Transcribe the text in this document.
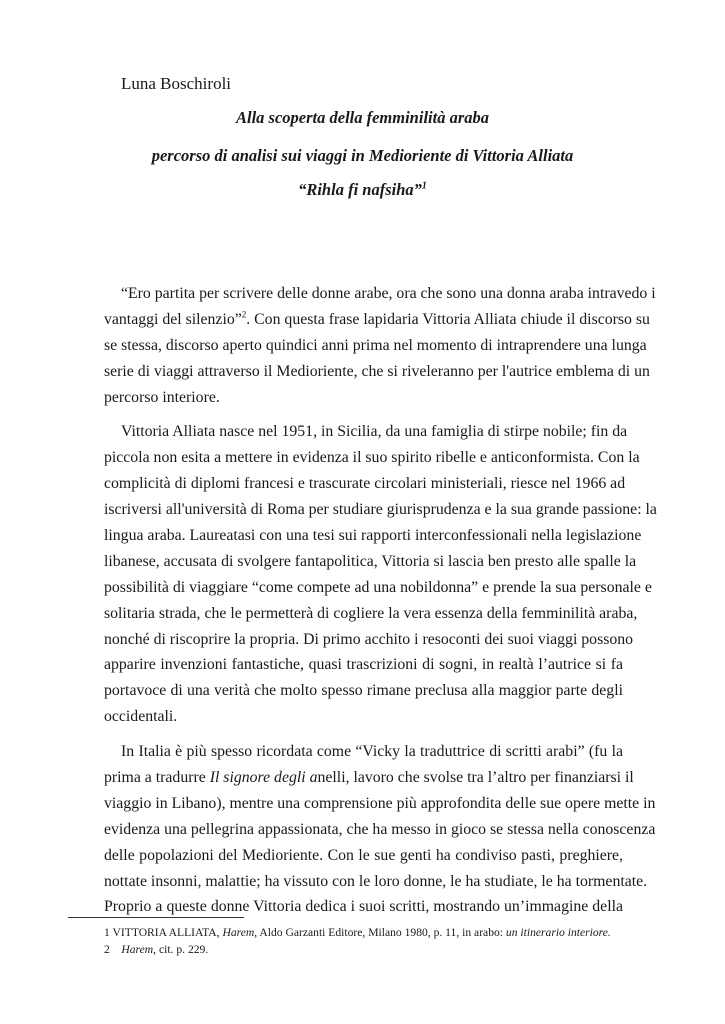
Luna Boschiroli
Alla scoperta della femminilità araba
percorso di analisi sui viaggi in Medioriente di Vittoria Alliata
“Rihla fi nafsiha”$^1$

“Ero partita per scrivere delle donne arabe, ora che sono una donna araba intravedo i
vantaggi del silenzio”$^2$. Con questa frase lapidaria Vittoria Alliata chiude il discorso su
se stessa, discorso aperto quindici anni prima nel momento di intraprendere una lunga
serie di viaggi attraverso il Medioriente, che si riveleranno per l'autrice emblema di un
percorso interiore.

Vittoria Alliata nasce nel 1951, in Sicilia, da una famiglia di stirpe nobile; fin da
piccola non esita a mettere in evidenza il suo spirito ribelle e anticonformista. Con la
complicità di diplomi francesi e trascurate circolari ministeriali, riesce nel 1966 ad
iscriversi all'università di Roma per studiare giurisprudenza e la sua grande passione: la
lingua araba. Laureatasi con una tesi sui rapporti interconfessionali nella legislazione
libanese, accusata di svolgere fantapolitica, Vittoria si lascia ben presto alle spalle la
possibilità di viaggiare “come compete ad una nobildonna” e prende la sua personale e
solitaria strada, che le permetterà di cogliere la vera essenza della femminilità araba,
nonché di riscoprire la propria. Di primo acchito i resoconti dei suoi viaggi possono
apparire invenzioni fantastiche, quasi trascrizioni di sogni, in realtà l’autrice si fa
portavoce di una verità che molto spesso rimane preclusa alla maggior parte degli
occidentali.

In Italia è più spesso ricordata come “Vicky la traduttrice di scritti arabi” (fu la
prima a tradurre Il signore degli anelli, lavoro che svolse tra l’altro per finanziarsi il
viaggio in Libano), mentre una comprensione più approfondita delle sue opere mette in
evidenza una pellegrina appassionata, che ha messo in gioco se stessa nella conoscenza
delle popolazioni del Medioriente. Con le sue genti ha condiviso pasti, preghiere,
nottate insonni, malattie; ha vissuto con le loro donne, le ha studiate, le ha tormentate.
Proprio a queste donne Vittoria dedica i suoi scritti, mostrando un’immagine della

1 VITTORIA ALLIATA, Harem, Aldo Garzanti Editore, Milano 1980, p. 11, in arabo: un itinerario interiore.
2 Harem, cit. p. 229.
